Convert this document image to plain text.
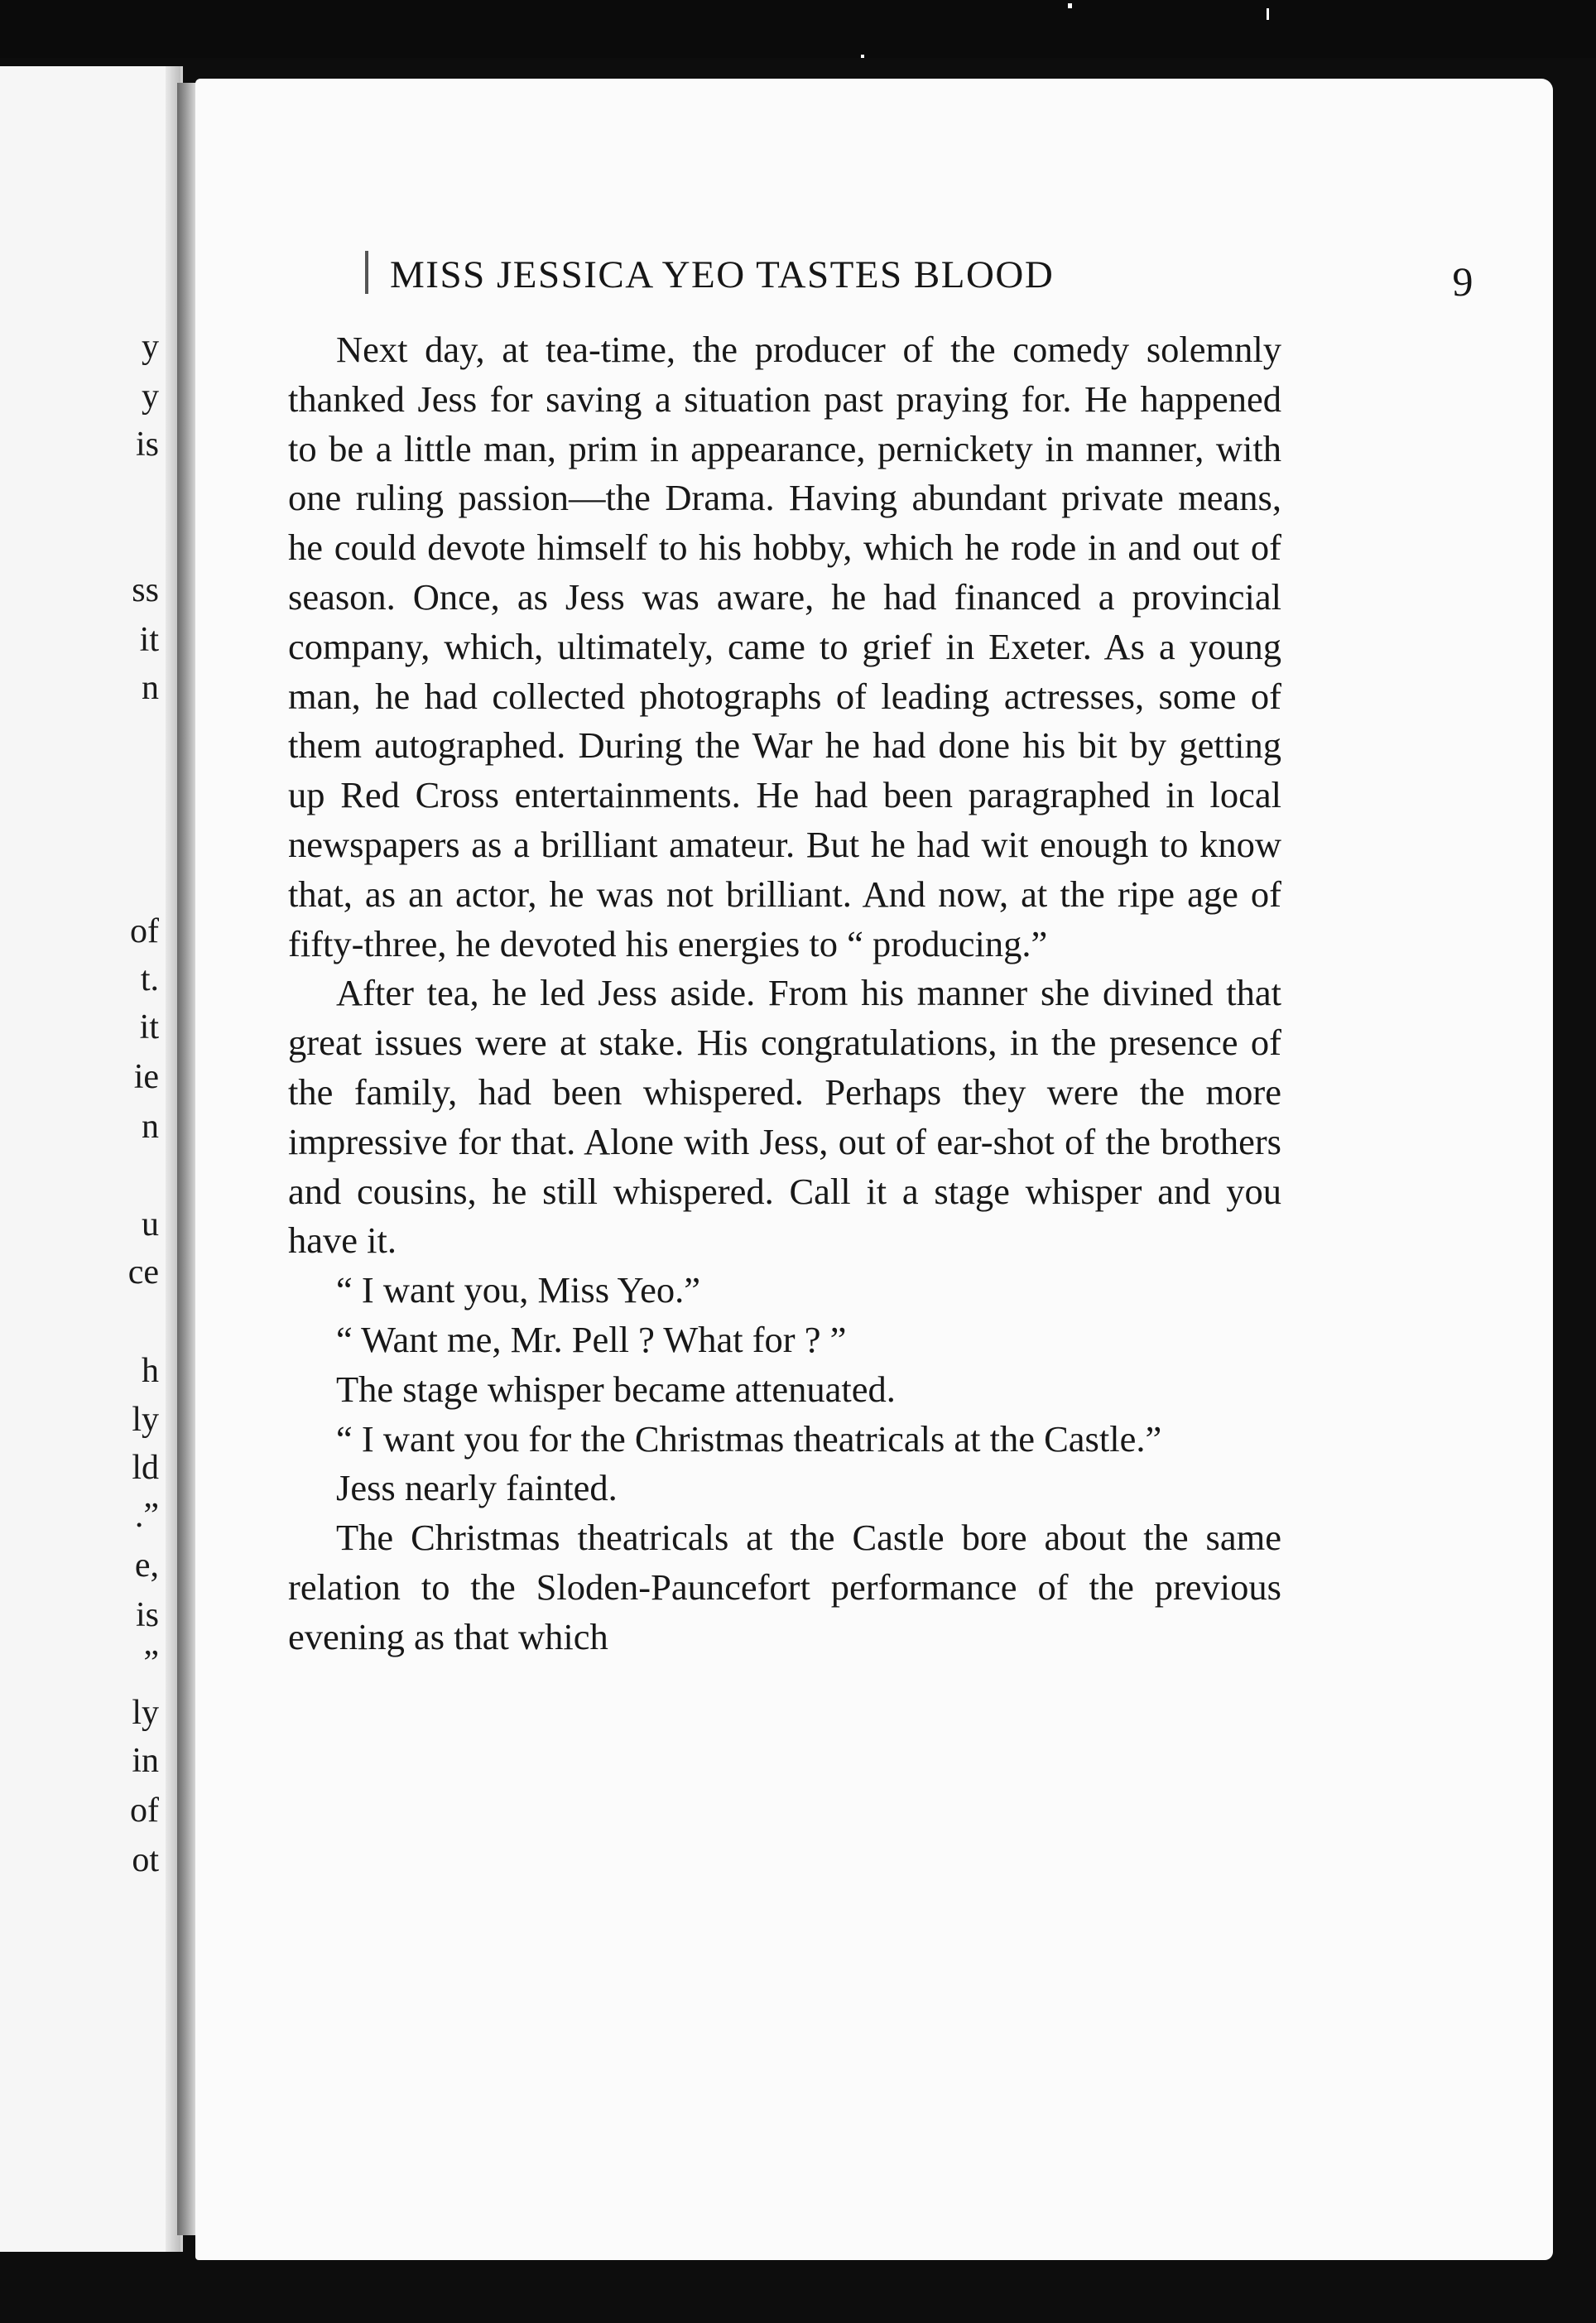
y
y
is
ss
it
n
of
t.
it
ie
n
u
ce
h
ly
ld
.”
e,
is
”
ly
in
of
ot
MISS JESSICA YEO TASTES BLOOD	9

Next day, at tea-time, the producer of the comedy solemnly thanked Jess for saving a situation past praying for. He happened to be a little man, prim in appearance, pernickety in manner, with one ruling passion—the Drama. Having abundant private means, he could devote himself to his hobby, which he rode in and out of season. Once, as Jess was aware, he had financed a provincial company, which, ultimately, came to grief in Exeter. As a young man, he had collected photographs of leading actresses, some of them autographed. During the War he had done his bit by getting up Red Cross entertainments. He had been paragraphed in local newspapers as a brilliant amateur. But he had wit enough to know that, as an actor, he was not brilliant. And now, at the ripe age of fifty-three, he devoted his energies to “ producing.”

After tea, he led Jess aside. From his manner she divined that great issues were at stake. His congratulations, in the presence of the family, had been whispered. Perhaps they were the more impressive for that. Alone with Jess, out of ear-shot of the brothers and cousins, he still whispered. Call it a stage whisper and you have it.

“ I want you, Miss Yeo.”

“ Want me, Mr. Pell ? What for ? ”

The stage whisper became attenuated.

“ I want you for the Christmas theatricals at the Castle.”

Jess nearly fainted.

The Christmas theatricals at the Castle bore about the same relation to the Sloden-Pauncefort performance of the previous evening as that which
